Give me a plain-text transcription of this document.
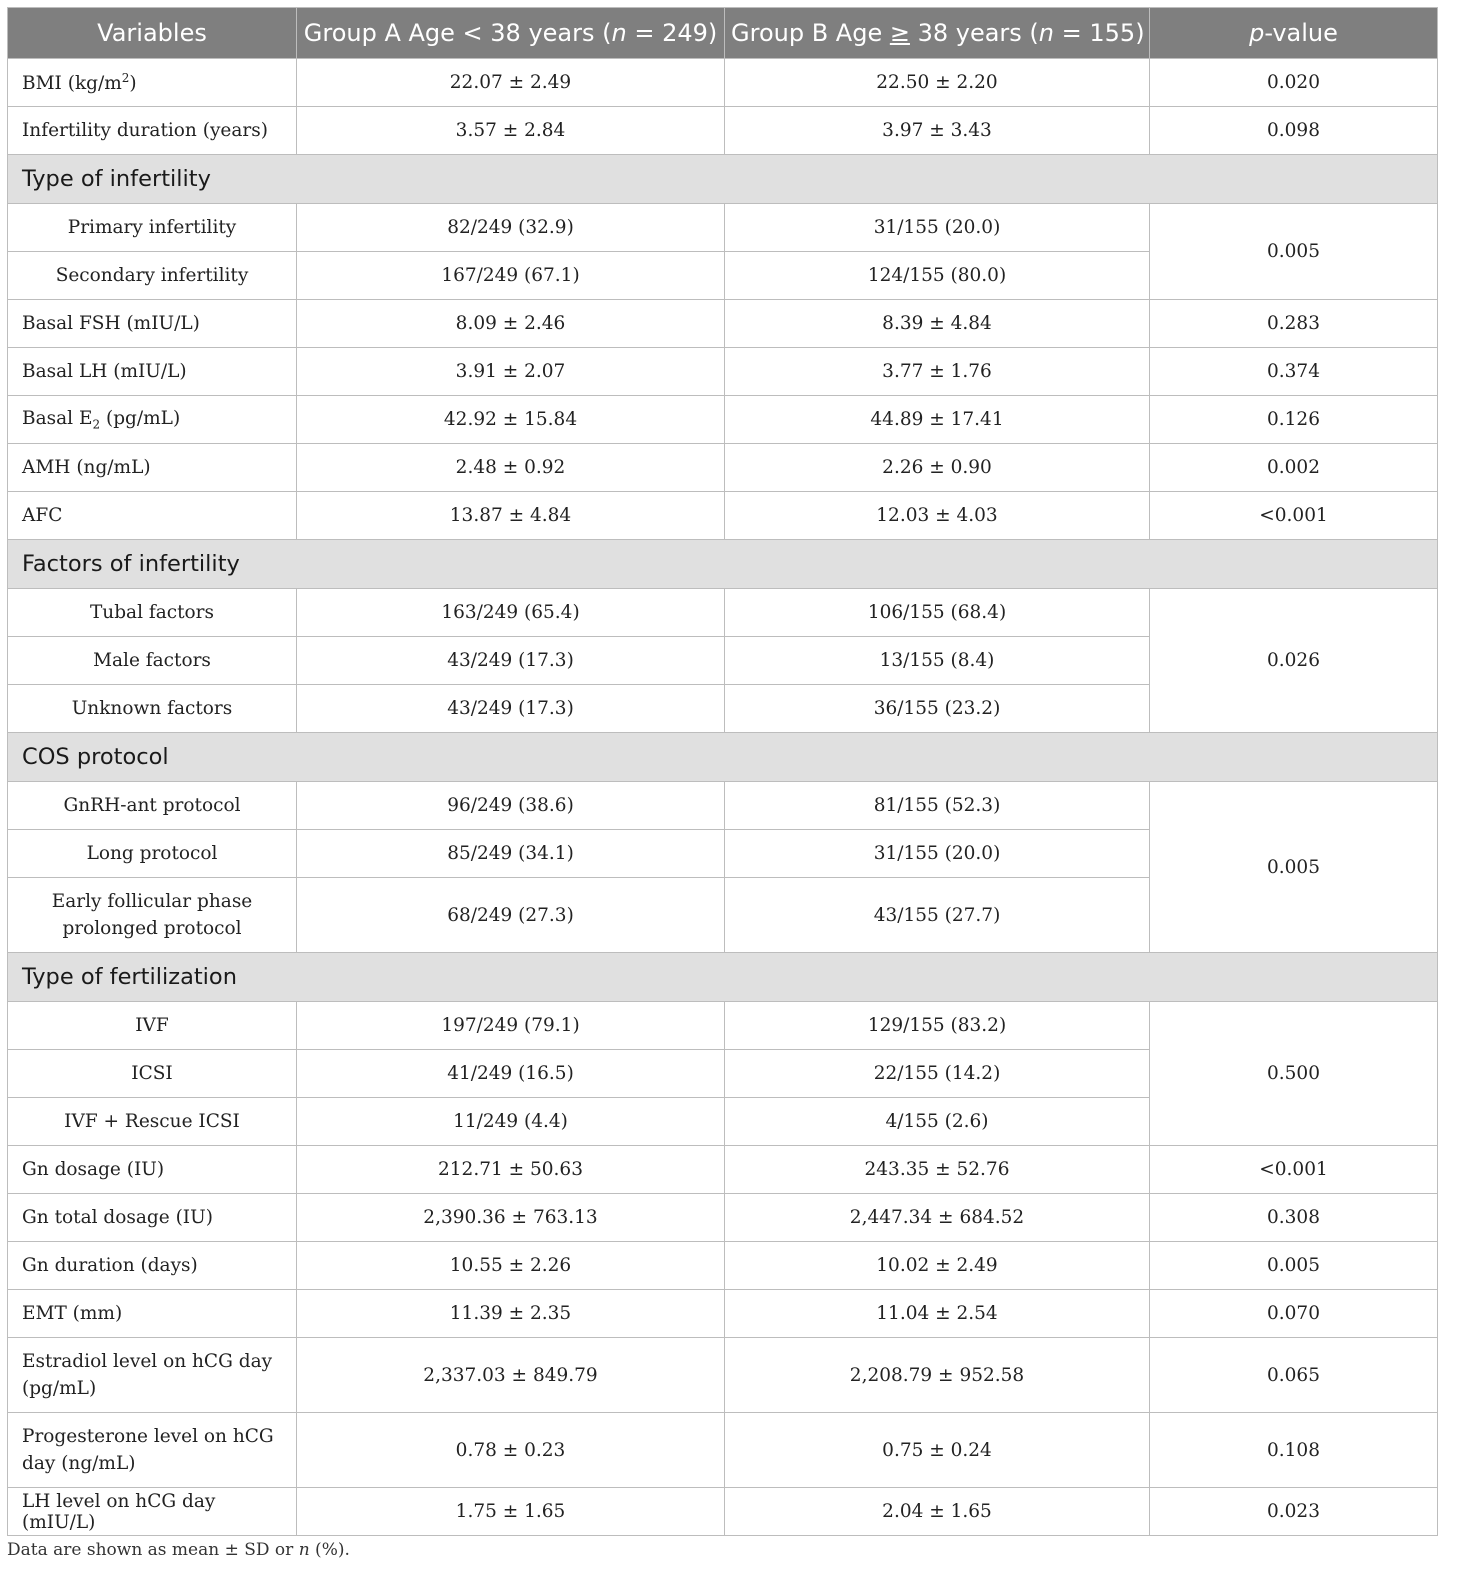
Variables	Group A Age < 38 years (n = 249)	Group B Age ≥ 38 years (n = 155)	p-value
BMI $(kg/m^2)$	22.07 ± 2.49	22.50 ± 2.20	0.020
Infertility duration (years)	3.57 ± 2.84	3.97 ± 3.43	0.098
Type of infertility			
Primary infertility	82/249 (32.9)	31/155 (20.0)	0.005
Secondary infertility	167/249 (67.1)	124/155 (80.0)	
Basal FSH (mIU/L)	8.09 ± 2.46	8.39 ± 4.84	0.283
Basal LH (mIU/L)	3.91 ± 2.07	3.77 ± 1.76	0.374
Basal $E_2$ (pg/mL)	42.92 ± 15.84	44.89 ± 17.41	0.126
AMH (ng/mL)	2.48 ± 0.92	2.26 ± 0.90	0.002
AFC	13.87 ± 4.84	12.03 ± 4.03	<0.001
Factors of infertility			
Tubal factors	163/249 (65.4)	106/155 (68.4)	0.026
Male factors	43/249 (17.3)	13/155 (8.4)	
Unknown factors	43/249 (17.3)	36/155 (23.2)	
COS protocol			
GnRH-ant protocol	96/249 (38.6)	81/155 (52.3)	0.005
Long protocol	85/249 (34.1)	31/155 (20.0)	
Early follicular phase prolonged protocol	68/249 (27.3)	43/155 (27.7)	
Type of fertilization			
IVF	197/249 (79.1)	129/155 (83.2)	0.500
ICSI	41/249 (16.5)	22/155 (14.2)	
IVF + Rescue ICSI	11/249 (4.4)	4/155 (2.6)	
Gn dosage (IU)	212.71 ± 50.63	243.35 ± 52.76	<0.001
Gn total dosage (IU)	2,390.36 ± 763.13	2,447.34 ± 684.52	0.308
Gn duration (days)	10.55 ± 2.26	10.02 ± 2.49	0.005
EMT (mm)	11.39 ± 2.35	11.04 ± 2.54	0.070
Estradiol level on hCG day (pg/mL)	2,337.03 ± 849.79	2,208.79 ± 952.58	0.065
Progesterone level on hCG day (ng/mL)	0.78 ± 0.23	0.75 ± 0.24	0.108
LH level on hCG day (mIU/L)	1.75 ± 1.65	2.04 ± 1.65	0.023
Data are shown as mean ± SD or n (%).
